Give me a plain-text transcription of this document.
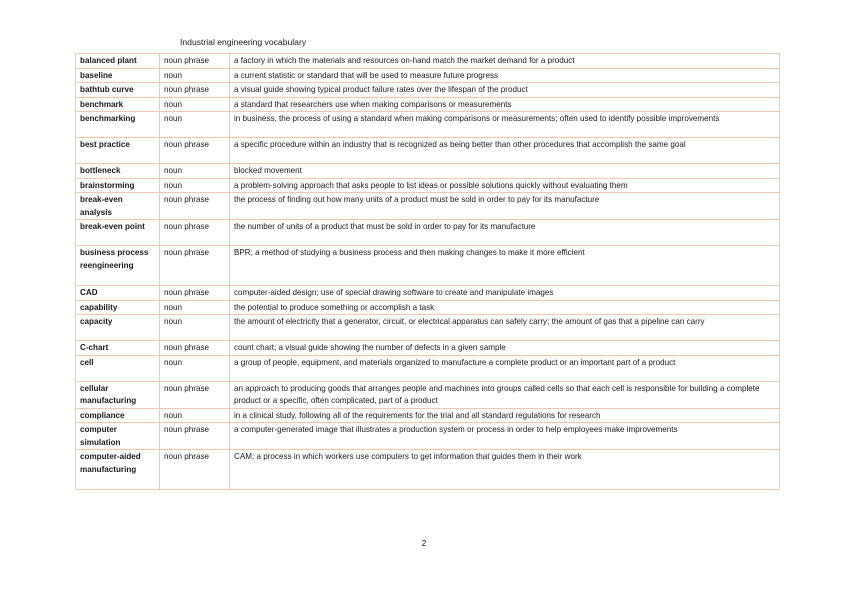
Industrial engineering vocabulary
balanced plant	noun phrase	a factory in which the materials and resources on-hand match the market demand for a product
baseline	noun	a current statistic or standard that will be used to measure future progress
bathtub curve	noun phrase	a visual guide showing typical product failure rates over the lifespan of the product
benchmark	noun	a standard that researchers use when making comparisons or measurements
benchmarking	noun	in business, the process of using a standard when making comparisons or measurements; often used to identify possible improvements
best practice	noun phrase	a specific procedure within an industry that is recognized as being better than other procedures that accomplish the same goal
bottleneck	noun	blocked movement
brainstorming	noun	a problem-solving approach that asks people to list ideas or possible solutions quickly without evaluating them
break-even analysis	noun phrase	the process of finding out how many units of a product must be sold in order to pay for its manufacture
break-even point	noun phrase	the number of units of a product that must be sold in order to pay for its manufacture
business process reengineering	noun phrase	BPR; a method of studying a business process and then making changes to make it more efficient
CAD	noun phrase	computer-aided design; use of special drawing software to create and manipulate images
capability	noun	the potential to produce something or accomplish a task
capacity	noun	the amount of electricity that a generator, circuit, or electrical apparatus can safely carry; the amount of gas that a pipeline can carry
C-chart	noun phrase	count chart; a visual guide showing the number of defects in a given sample
cell	noun	a group of people, equipment, and materials organized to manufacture a complete product or an important part of a product
cellular manufacturing	noun phrase	an approach to producing goods that arranges people and machines into groups called cells so that each cell is responsible for building a complete product or a specific, often complicated, part of a product
compliance	noun	in a clinical study, following all of the requirements for the trial and all standard regulations for research
computer simulation	noun phrase	a computer-generated image that illustrates a production system or process in order to help employees make improvements
computer-aided manufacturing	noun phrase	CAM; a process in which workers use computers to get information that guides them in their work
2
